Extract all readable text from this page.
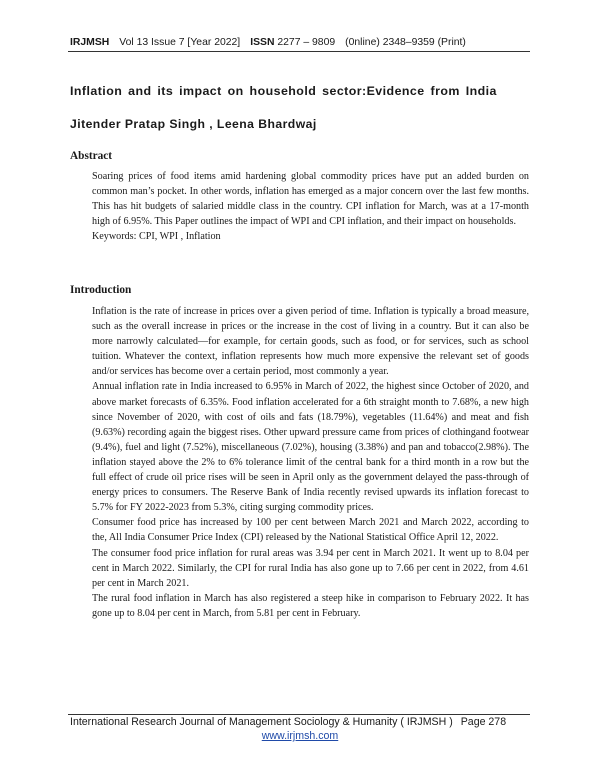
IRJMSH Vol 13 Issue 7 [Year 2022] ISSN 2277 – 9809 (0nline) 2348–9359 (Print)
Inflation and its impact on household sector:Evidence from India
Jitender Pratap Singh , Leena Bhardwaj
Abstract

Soaring prices of food items amid hardening global commodity prices have put an added burden on common man’s pocket. In other words, inflation has emerged as a major concern over the last few months. This has hit budgets of salaried middle class in the country. CPI inflation for March, was at a 17-month high of 6.95%. This Paper outlines the impact of WPI and CPI inflation, and their impact on households.

Keywords: CPI, WPI , Inflation

Introduction

Inflation is the rate of increase in prices over a given period of time. Inflation is typically a broad measure, such as the overall increase in prices or the increase in the cost of living in a country. But it can also be more narrowly calculated—for example, for certain goods, such as food, or for services, such as school tuition. Whatever the context, inflation represents how much more expensive the relevant set of goods and/or services has become over a certain period, most commonly a year.

Annual inflation rate in India increased to 6.95% in March of 2022, the highest since October of 2020, and above market forecasts of 6.35%. Food inflation accelerated for a 6th straight month to 7.68%, a new high since November of 2020, with cost of oils and fats (18.79%), vegetables (11.64%) and meat and fish (9.63%) recording again the biggest rises. Other upward pressure came from prices of clothingand footwear (9.4%), fuel and light (7.52%), miscellaneous (7.02%), housing (3.38%) and pan and tobacco(2.98%). The inflation stayed above the 2% to 6% tolerance limit of the central bank for a third month in a row but the full effect of crude oil price rises will be seen in April only as the government delayed the pass-through of energy prices to consumers. The Reserve Bank of India recently revised upwards its inflation forecast to 5.7% for FY 2022-2023 from 5.3%, citing surging commodity prices.

Consumer food price has increased by 100 per cent between March 2021 and March 2022, according to the, All India Consumer Price Index (CPI) released by the National Statistical Office April 12, 2022.

The consumer food price inflation for rural areas was 3.94 per cent in March 2021. It went up to 8.04 per cent in March 2022. Similarly, the CPI for rural India has also gone up to 7.66 per cent in 2022, from 4.61 per cent in March 2021.

The rural food inflation in March has also registered a steep hike in comparison to February 2022. It has gone up to 8.04 per cent in March, from 5.81 per cent in February.

International Research Journal of Management Sociology & Humanity ( IRJMSH ) Page 278
www.irjmsh.com
